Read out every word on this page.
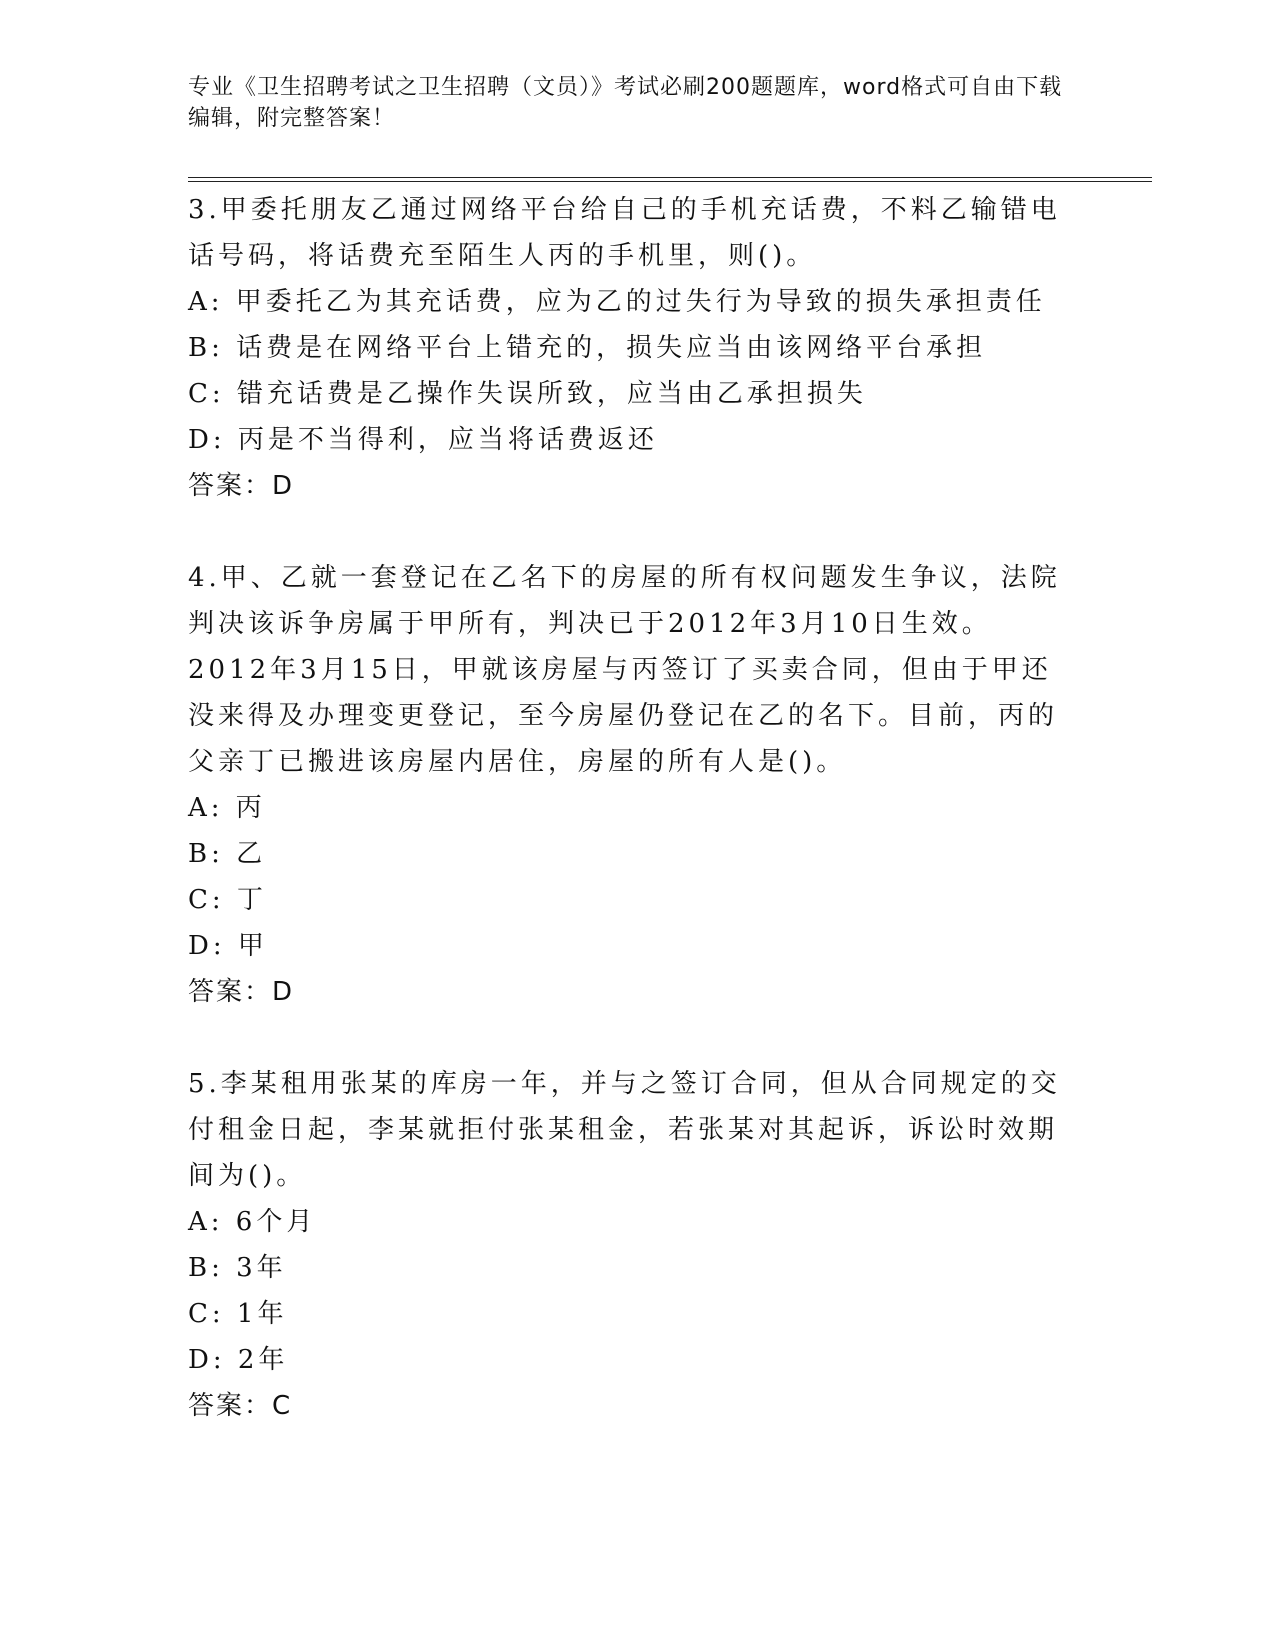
专业《卫生招聘考试之卫生招聘（文员）》考试必刷200题题库，word格式可自由下载编辑，附完整答案！

3.甲委托朋友乙通过网络平台给自己的手机充话费，不料乙输错电话号码，将话费充至陌生人丙的手机里，则()。

A: 甲委托乙为其充话费，应为乙的过失行为导致的损失承担责任

B: 话费是在网络平台上错充的，损失应当由该网络平台承担

C: 错充话费是乙操作失误所致，应当由乙承担损失

D: 丙是不当得利，应当将话费返还

答案：D

4.甲、乙就一套登记在乙名下的房屋的所有权问题发生争议，法院判决该诉争房属于甲所有，判决已于2012年3月10日生效。2012年3月15日，甲就该房屋与丙签订了买卖合同，但由于甲还没来得及办理变更登记，至今房屋仍登记在乙的名下。目前，丙的父亲丁已搬进该房屋内居住，房屋的所有人是()。

A: 丙

B: 乙

C: 丁

D: 甲

答案：D

5.李某租用张某的库房一年，并与之签订合同，但从合同规定的交付租金日起，李某就拒付张某租金，若张某对其起诉，诉讼时效期间为()。

A: 6个月

B: 3年

C: 1年

D: 2年

答案：C
